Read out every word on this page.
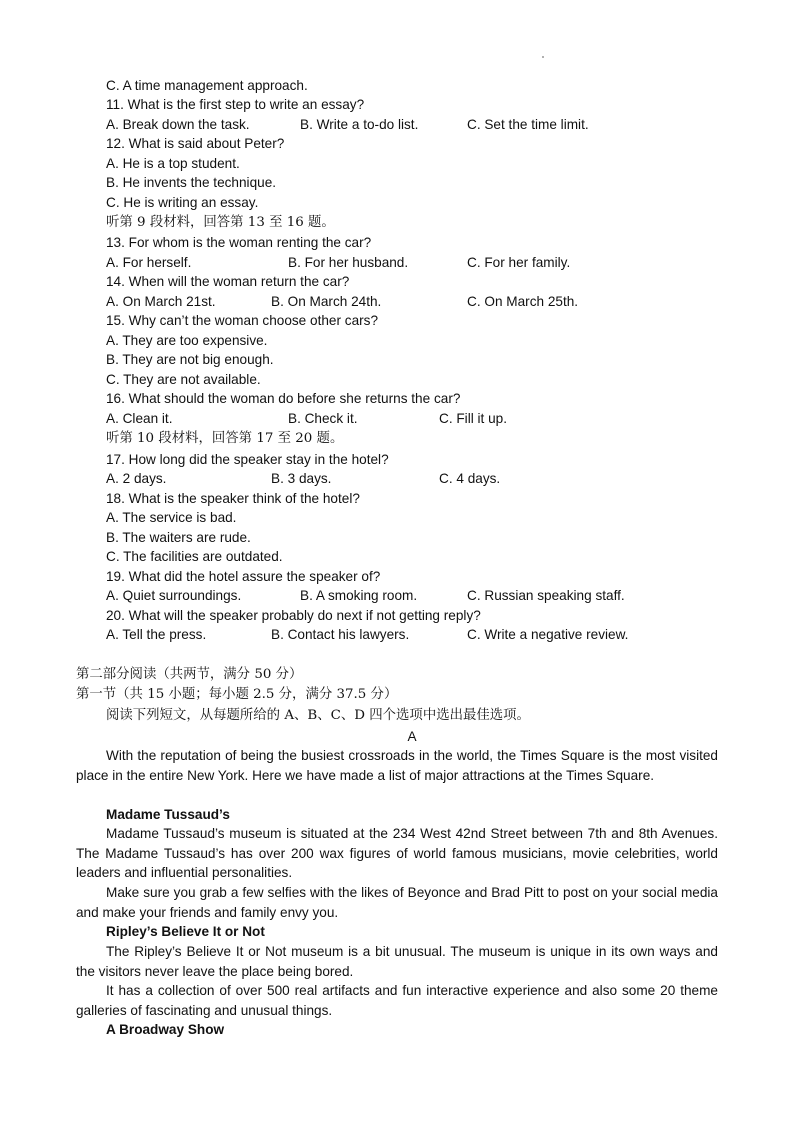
C. A time management approach.
11. What is the first step to write an essay?
A. Break down the task.	B. Write a to-do list.	C. Set the time limit.
12. What is said about Peter?
A. He is a top student.
B. He invents the technique.
C. He is writing an essay.
听第 9 段材料，回答第 13 至 16 题。
13. For whom is the woman renting the car?
A. For herself.	B. For her husband.	C. For her family.
14. When will the woman return the car?
A. On March 21st.	B. On March 24th.	C. On March 25th.
15. Why can’t the woman choose other cars?
A. They are too expensive.
B. They are not big enough.
C. They are not available.
16. What should the woman do before she returns the car?
A. Clean it.	B. Check it.	C. Fill it up.
听第 10 段材料，回答第 17 至 20 题。
17. How long did the speaker stay in the hotel?
A. 2 days.	B. 3 days.	C. 4 days.
18. What is the speaker think of the hotel?
A. The service is bad.
B. The waiters are rude.
C. The facilities are outdated.
19. What did the hotel assure the speaker of?
A. Quiet surroundings.	B. A smoking room.	C. Russian speaking staff.
20. What will the speaker probably do next if not getting reply?
A. Tell the press.	B. Contact his lawyers.	C. Write a negative review.
第二部分阅读（共两节，满分 50 分）
第一节（共 15 小题；每小题 2.5 分，满分 37.5 分）
阅读下列短文，从每题所给的 A、B、C、D 四个选项中选出最佳选项。
A

With the reputation of being the busiest crossroads in the world, the Times Square is the most visited place in the entire New York. Here we have made a list of major attractions at the Times Square.

Madame Tussaud’s

Madame Tussaud’s museum is situated at the 234 West 42nd Street between 7th and 8th Avenues. The Madame Tussaud’s has over 200 wax figures of world famous musicians, movie celebrities, world leaders and influential personalities.

Make sure you grab a few selfies with the likes of Beyonce and Brad Pitt to post on your social media and make your friends and family envy you.

Ripley’s Believe It or Not

The Ripley’s Believe It or Not museum is a bit unusual. The museum is unique in its own ways and the visitors never leave the place being bored.

It has a collection of over 500 real artifacts and fun interactive experience and also some 20 theme galleries of fascinating and unusual things.

A Broadway Show
